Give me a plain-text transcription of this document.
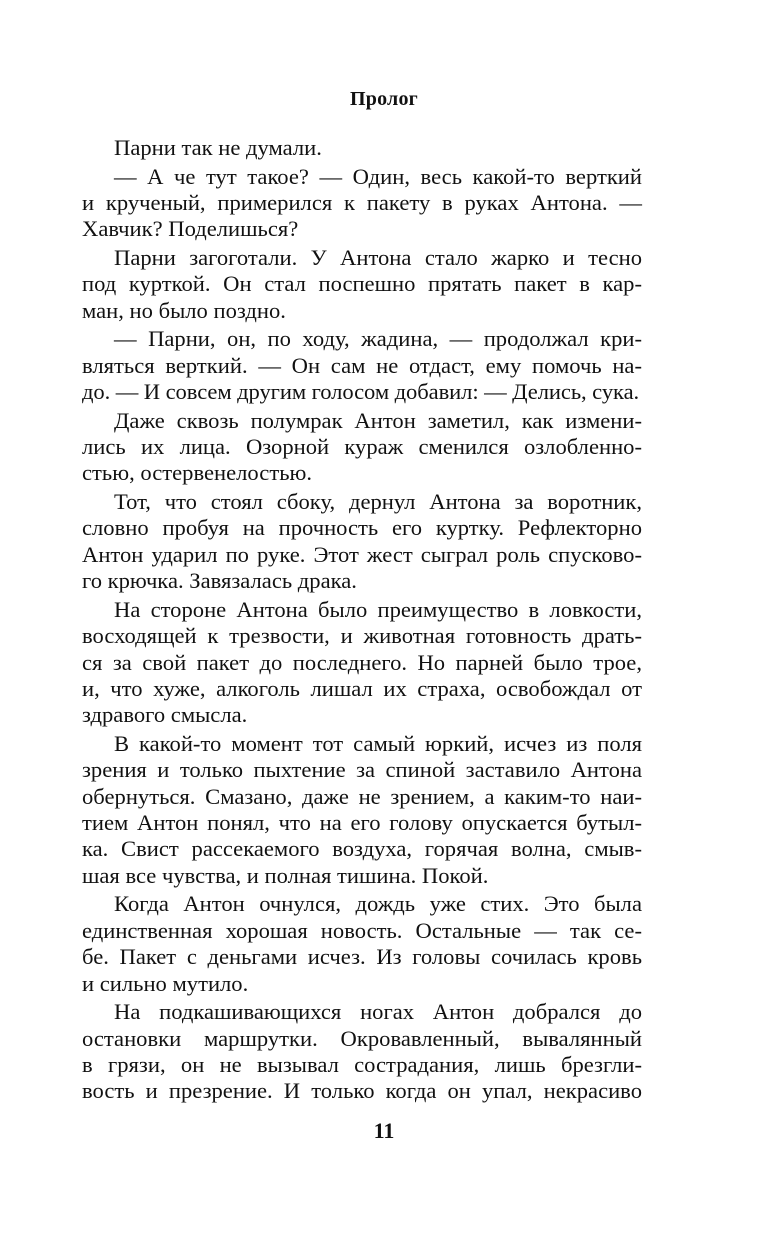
Пролог
Парни так не думали.
— А че тут такое? — Один, весь какой-то верткий
и крученый, примерился к пакету в руках Антона. —
Хавчик? Поделишься?
Парни загоготали. У Антона стало жарко и тесно
под курткой. Он стал поспешно прятать пакет в кар-
ман, но было поздно.
— Парни, он, по ходу, жадина, — продолжал кри-
вляться верткий. — Он сам не отдаст, ему помочь на-
до. — И совсем другим голосом добавил: — Делись, сука.
Даже сквозь полумрак Антон заметил, как измени-
лись их лица. Озорной кураж сменился озлобленно-
стью, остервенелостью.
Тот, что стоял сбоку, дернул Антона за воротник,
словно пробуя на прочность его куртку. Рефлекторно
Антон ударил по руке. Этот жест сыграл роль спусково-
го крючка. Завязалась драка.
На стороне Антона было преимущество в ловкости,
восходящей к трезвости, и животная готовность драть-
ся за свой пакет до последнего. Но парней было трое,
и, что хуже, алкоголь лишал их страха, освобождал от
здравого смысла.
В какой-то момент тот самый юркий, исчез из поля
зрения и только пыхтение за спиной заставило Антона
обернуться. Смазано, даже не зрением, а каким-то наи-
тием Антон понял, что на его голову опускается бутыл-
ка. Свист рассекаемого воздуха, горячая волна, смыв-
шая все чувства, и полная тишина. Покой.
Когда Антон очнулся, дождь уже стих. Это была
единственная хорошая новость. Остальные — так се-
бе. Пакет с деньгами исчез. Из головы сочилась кровь
и сильно мутило.
На подкашивающихся ногах Антон добрался до
остановки маршрутки. Окровавленный, вывалянный
в грязи, он не вызывал сострадания, лишь брезгли-
вость и презрение. И только когда он упал, некрасиво
11
